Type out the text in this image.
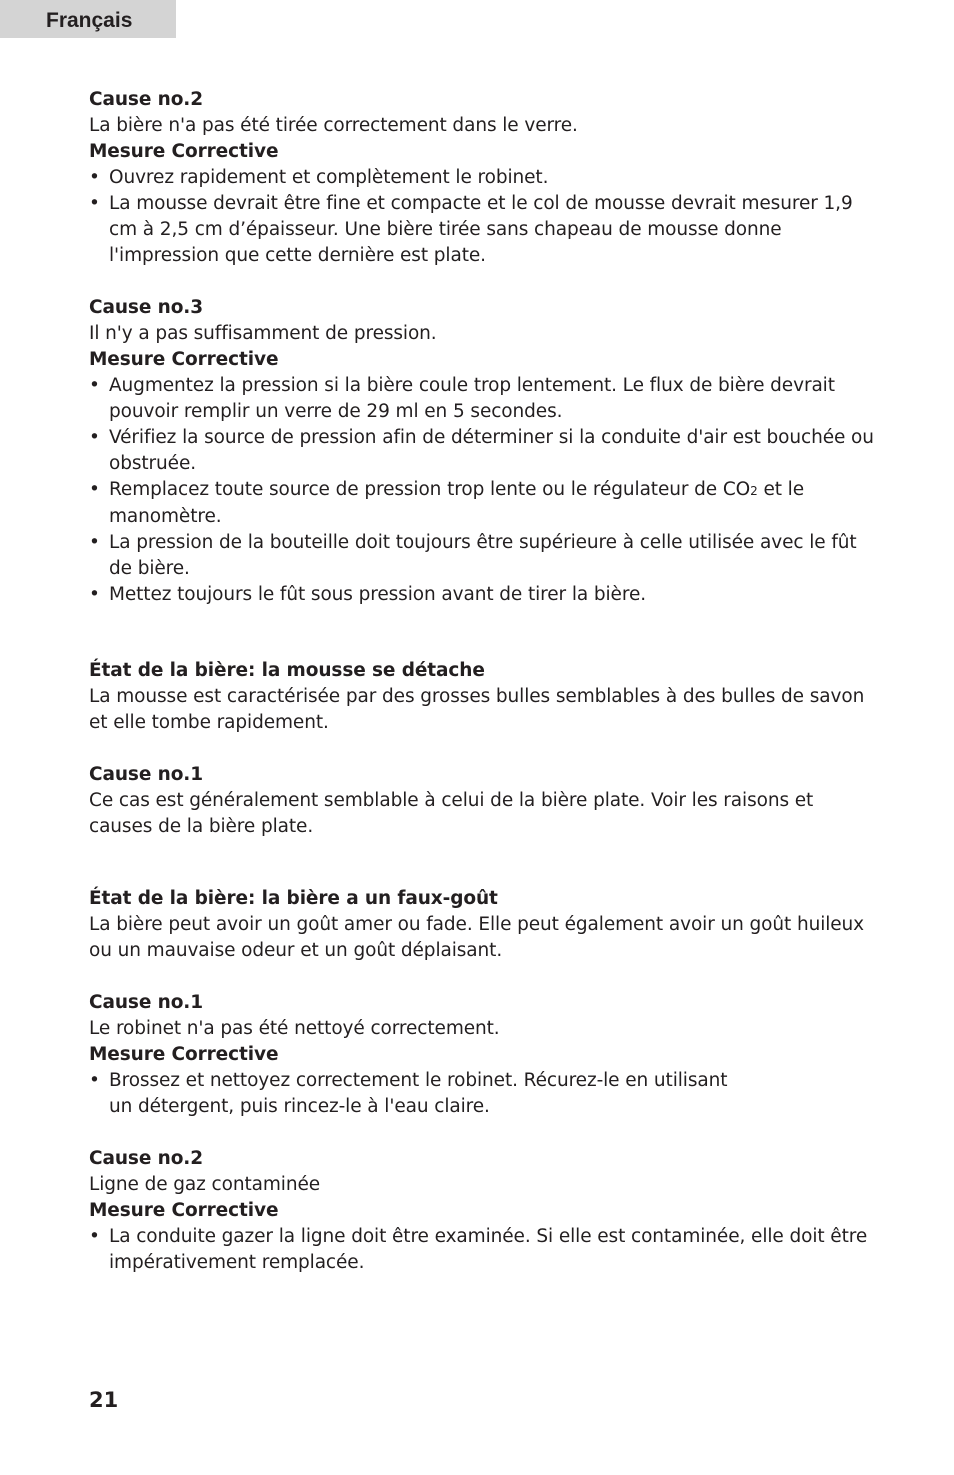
Français

Cause no.2

La bière n'a pas été tirée correctement dans le verre.

Mesure Corrective

• Ouvrez rapidement et complètement le robinet.
• La mousse devrait être fine et compacte et le col de mousse devrait mesurer 1,9 cm à 2,5 cm d’épaisseur. Une bière tirée sans chapeau de mousse donne l'impression que cette dernière est plate.

Cause no.3

Il n'y a pas suffisamment de pression.

Mesure Corrective

• Augmentez la pression si la bière coule trop lentement. Le flux de bière devrait pouvoir remplir un verre de 29 ml en 5 secondes.
• Vérifiez la source de pression afin de déterminer si la conduite d'air est bouchée ou obstruée.
• Remplacez toute source de pression trop lente ou le régulateur de CO2 et le manomètre.
• La pression de la bouteille doit toujours être supérieure à celle utilisée avec le fût de bière.
• Mettez toujours le fût sous pression avant de tirer la bière.

État de la bière: la mousse se détache

La mousse est caractérisée par des grosses bulles semblables à des bulles de savon et elle tombe rapidement.

Cause no.1

Ce cas est généralement semblable à celui de la bière plate. Voir les raisons et causes de la bière plate.

État de la bière: la bière a un faux-goût

La bière peut avoir un goût amer ou fade. Elle peut également avoir un goût huileux ou un mauvaise odeur et un goût déplaisant.

Cause no.1

Le robinet n'a pas été nettoyé correctement.

Mesure Corrective

• Brossez et nettoyez correctement le robinet. Récurez-le en utilisant un détergent, puis rincez-le à l'eau claire.

Cause no.2

Ligne de gaz contaminée

Mesure Corrective

• La conduite gazer la ligne doit être examinée. Si elle est contaminée, elle doit être impérativement remplacée.
21
